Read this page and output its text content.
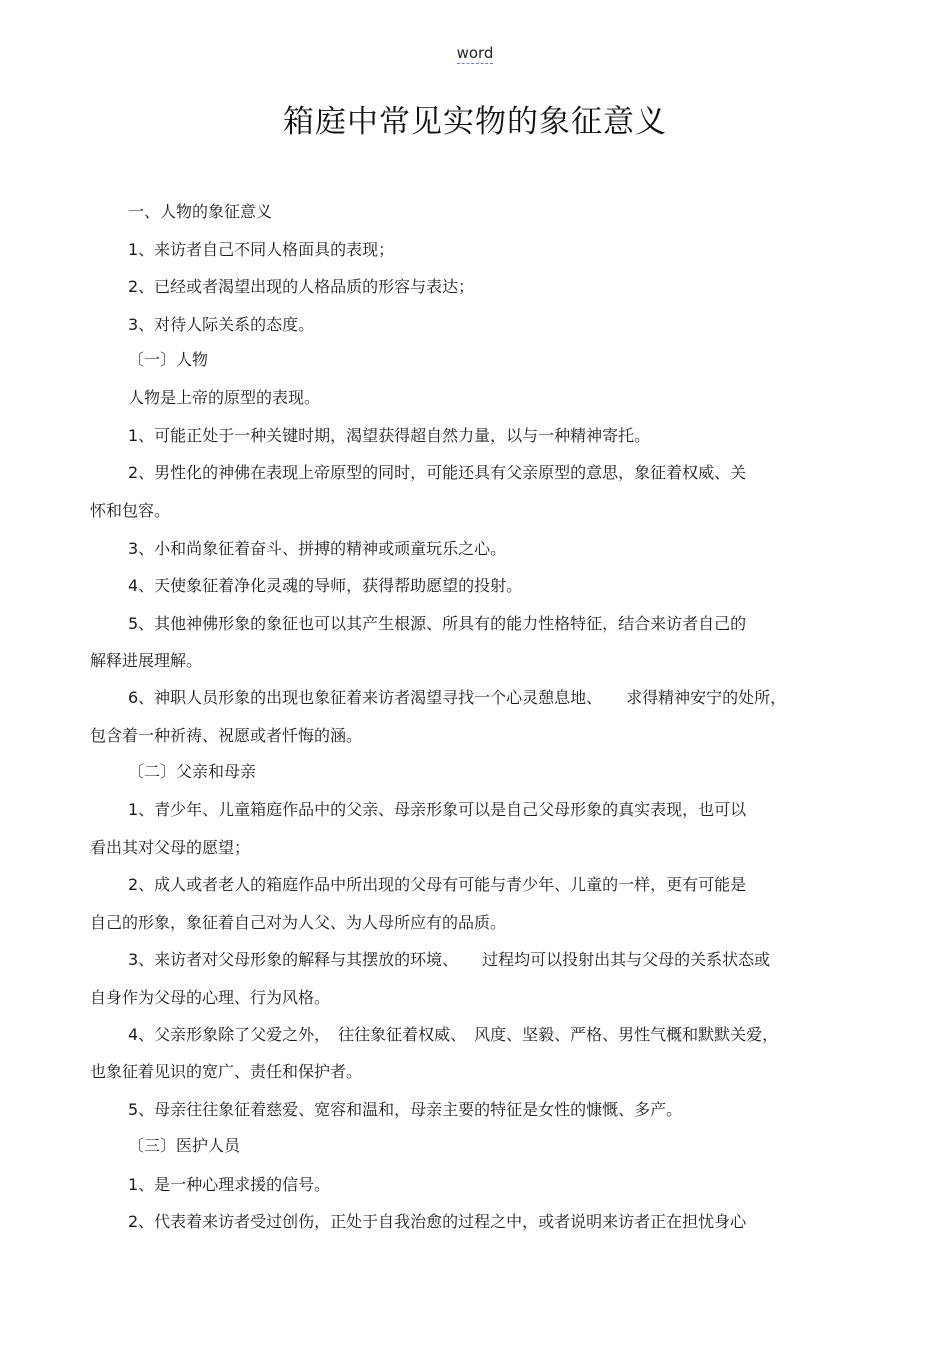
word
箱庭中常见实物的象征意义
一、人物的象征意义
1、来访者自己不同人格面具的表现；
2、已经或者渴望出现的人格品质的形容与表达；
3、对待人际关系的态度。
〔一〕人物
人物是上帝的原型的表现。
1、可能正处于一种关键时期，渴望获得超自然力量，以与一种精神寄托。
2、男性化的神佛在表现上帝原型的同时，可能还具有父亲原型的意思，象征着权威、关
怀和包容。
3、小和尚象征着奋斗、拼搏的精神或顽童玩乐之心。
4、天使象征着净化灵魂的导师，获得帮助愿望的投射。
5、其他神佛形象的象征也可以其产生根源、所具有的能力性格特征，结合来访者自己的
解释进展理解。
6、神职人员形象的出现也象征着来访者渴望寻找一个心灵憩息地、　　求得精神安宁的处所，
包含着一种祈祷、祝愿或者忏悔的涵。
〔二〕父亲和母亲
1、青少年、儿童箱庭作品中的父亲、母亲形象可以是自己父母形象的真实表现，也可以
看出其对父母的愿望；
2、成人或者老人的箱庭作品中所出现的父母有可能与青少年、儿童的一样，更有可能是
自己的形象，象征着自己对为人父、为人母所应有的品质。
3、来访者对父母形象的解释与其摆放的环境、　　过程均可以投射出其与父母的关系状态或
自身作为父母的心理、行为风格。
4、父亲形象除了父爱之外，　往往象征着权威、　风度、坚毅、严格、男性气概和默默关爱，
也象征着见识的宽广、责任和保护者。
5、母亲往往象征着慈爱、宽容和温和，母亲主要的特征是女性的慷慨、多产。
〔三〕医护人员
1、是一种心理求援的信号。
2、代表着来访者受过创伤，正处于自我治愈的过程之中，或者说明来访者正在担忧身心
